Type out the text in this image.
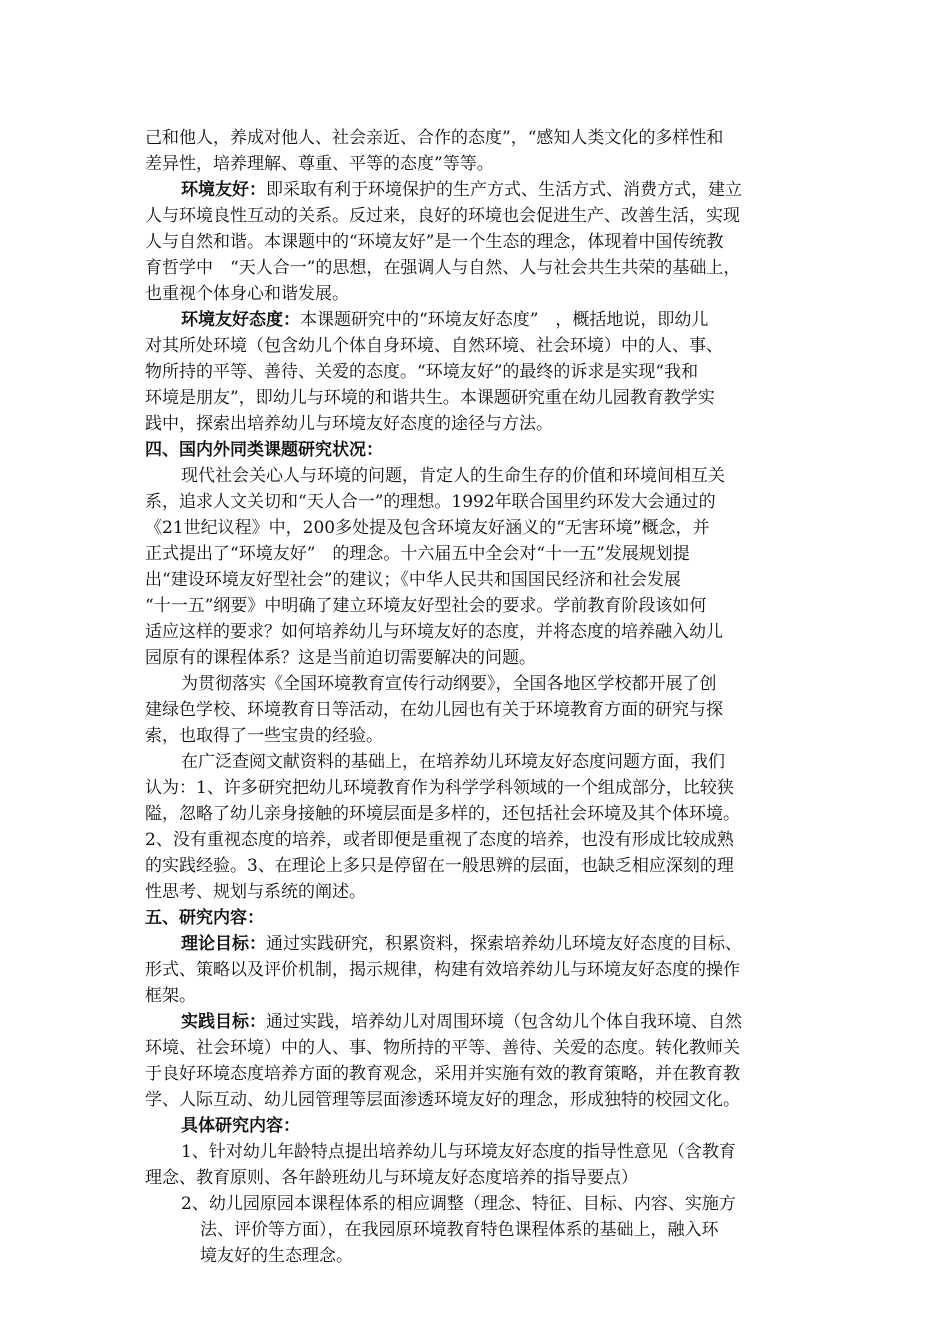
己和他人，养成对他人、社会亲近、合作的态度”，“感知人类文化的多样性和
差异性，培养理解、尊重、平等的态度”等等。
环境友好：即采取有利于环境保护的生产方式、生活方式、消费方式，建立
人与环境良性互动的关系。反过来，良好的环境也会促进生产、改善生活，实现
人与自然和谐。本课题中的“环境友好”是一个生态的理念，体现着中国传统教
育哲学中　“天人合一”的思想，在强调人与自然、人与社会共生共荣的基础上，
也重视个体身心和谐发展。
环境友好态度：本课题研究中的“环境友好态度”　，概括地说，即幼儿
对其所处环境（包含幼儿个体自身环境、自然环境、社会环境）中的人、事、
物所持的平等、善待、关爱的态度。“环境友好”的最终的诉求是实现“我和
环境是朋友”，即幼儿与环境的和谐共生。本课题研究重在幼儿园教育教学实
践中，探索出培养幼儿与环境友好态度的途径与方法。
四、国内外同类课题研究状况：
现代社会关心人与环境的问题，肯定人的生命生存的价值和环境间相互关
系，追求人文关切和“天人合一”的理想。1992年联合国里约环发大会通过的
《21世纪议程》中，200多处提及包含环境友好涵义的“无害环境”概念，并
正式提出了“环境友好”　的理念。十六届五中全会对“十一五”发展规划提
出“建设环境友好型社会”的建议；《中华人民共和国国民经济和社会发展
“十一五”纲要》中明确了建立环境友好型社会的要求。学前教育阶段该如何
适应这样的要求？如何培养幼儿与环境友好的态度，并将态度的培养融入幼儿
园原有的课程体系？这是当前迫切需要解决的问题。
为贯彻落实《全国环境教育宣传行动纲要》，全国各地区学校都开展了创
建绿色学校、环境教育日等活动，在幼儿园也有关于环境教育方面的研究与探
索，也取得了一些宝贵的经验。
在广泛查阅文献资料的基础上，在培养幼儿环境友好态度问题方面，我们
认为：1、许多研究把幼儿环境教育作为科学学科领域的一个组成部分，比较狭
隘，忽略了幼儿亲身接触的环境层面是多样的，还包括社会环境及其个体环境。
2、没有重视态度的培养，或者即便是重视了态度的培养，也没有形成比较成熟
的实践经验。3、在理论上多只是停留在一般思辨的层面，也缺乏相应深刻的理
性思考、规划与系统的阐述。
五、研究内容：
理论目标：通过实践研究，积累资料，探索培养幼儿环境友好态度的目标、
形式、策略以及评价机制，揭示规律，构建有效培养幼儿与环境友好态度的操作
框架。
实践目标：通过实践，培养幼儿对周围环境（包含幼儿个体自我环境、自然
环境、社会环境）中的人、事、物所持的平等、善待、关爱的态度。转化教师关
于良好环境态度培养方面的教育观念，采用并实施有效的教育策略，并在教育教
学、人际互动、幼儿园管理等层面渗透环境友好的理念，形成独特的校园文化。
具体研究内容：
1、针对幼儿年龄特点提出培养幼儿与环境友好态度的指导性意见（含教育
理念、教育原则、各年龄班幼儿与环境友好态度培养的指导要点）
2、幼儿园原园本课程体系的相应调整（理念、特征、目标、内容、实施方
法、评价等方面），在我园原环境教育特色课程体系的基础上，融入环
境友好的生态理念。
